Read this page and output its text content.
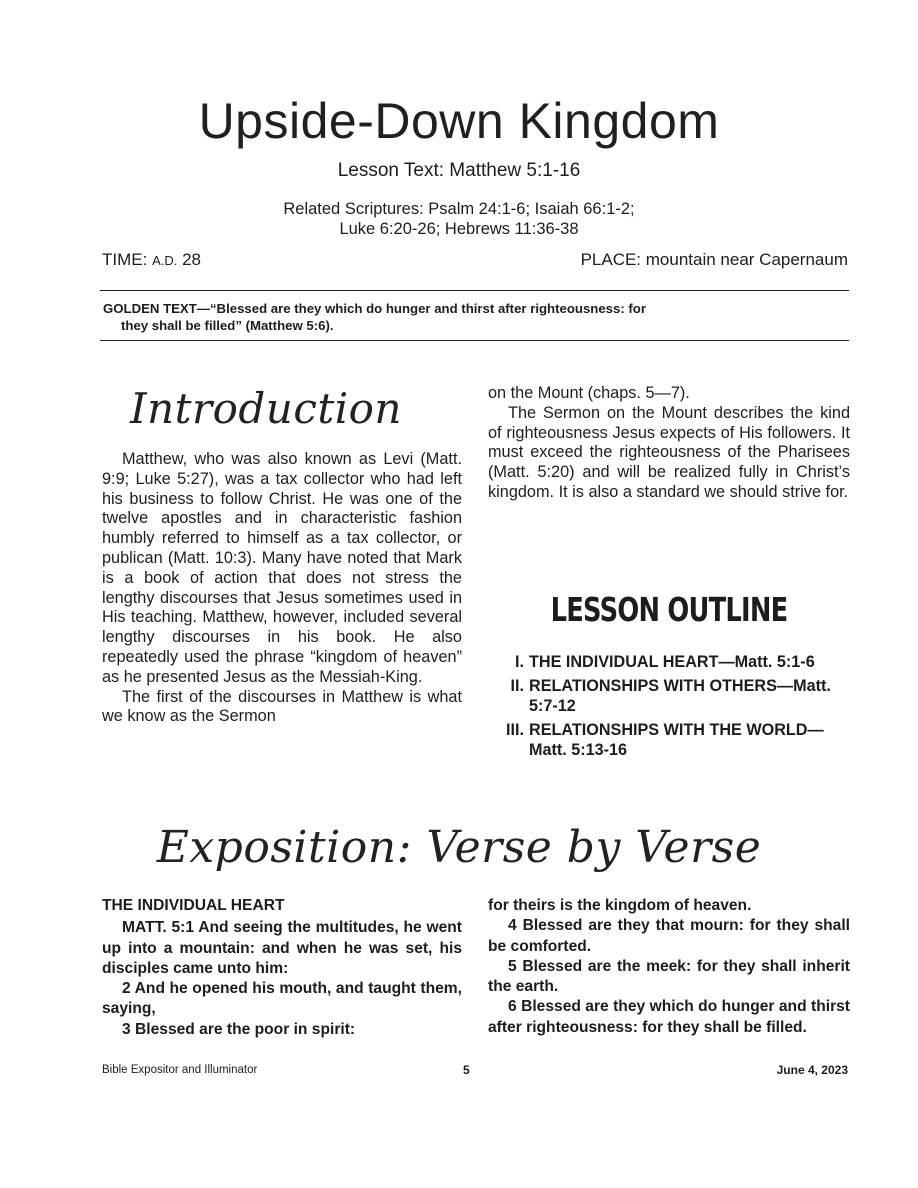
Upside-Down Kingdom
Lesson Text: Matthew 5:1-16
Related Scriptures: Psalm 24:1-6; Isaiah 66:1-2;
Luke 6:20-26; Hebrews 11:36-38
TIME: A.D. 28	PLACE: mountain near Capernaum
GOLDEN TEXT—“Blessed are they which do hunger and thirst after righteousness: for
they shall be filled” (Matthew 5:6).
Introduction

Matthew, who was also known as Levi (Matt. 9:9; Luke 5:27), was a tax collector who had left his business to follow Christ. He was one of the twelve apostles and in characteristic fashion humbly referred to himself as a tax collector, or publican (Matt. 10:3). Many have noted that Mark is a book of action that does not stress the lengthy discourses that Jesus sometimes used in His teaching. Matthew, however, included several lengthy discourses in his book. He also repeatedly used the phrase “kingdom of heaven” as he presented Jesus as the Messiah-King.

The first of the discourses in Matthew is what we know as the Sermon

on the Mount (chaps. 5—7).

The Sermon on the Mount describes the kind of righteousness Jesus expects of His followers. It must exceed the righteousness of the Pharisees (Matt. 5:20) and will be realized fully in Christ’s kingdom. It is also a standard we should strive for.

LESSON OUTLINE
I. THE INDIVIDUAL HEART—Matt. 5:1-6
II. RELATIONSHIPS WITH OTHERS—Matt. 5:7-12
III. RELATIONSHIPS WITH THE WORLD—Matt. 5:13-16
Exposition: Verse by Verse
THE INDIVIDUAL HEART

MATT. 5:1 And seeing the multitudes, he went up into a mountain: and when he was set, his disciples came unto him:

2 And he opened his mouth, and taught them, saying,

3 Blessed are the poor in spirit:

for theirs is the kingdom of heaven.

4 Blessed are they that mourn: for they shall be comforted.

5 Blessed are the meek: for they shall inherit the earth.

6 Blessed are they which do hunger and thirst after righteousness: for they shall be filled.

Bible Expositor and Illuminator	5	June 4, 2023
